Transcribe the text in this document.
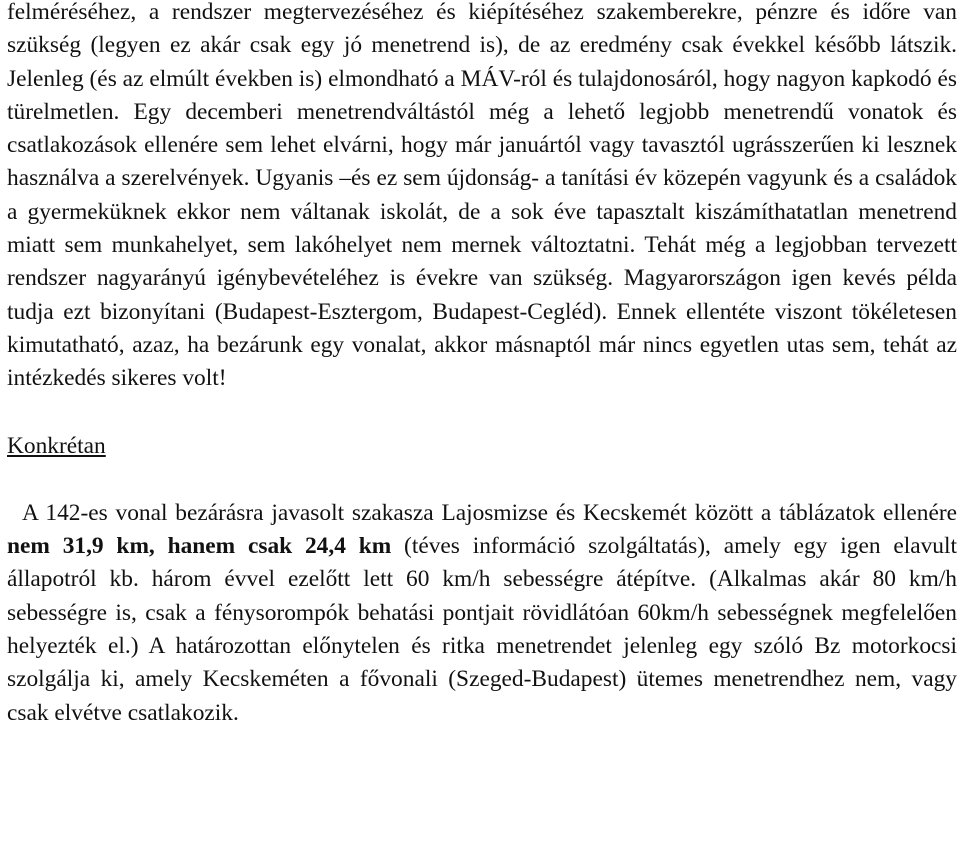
felméréséhez, a rendszer megtervezéséhez és kiépítéséhez szakemberekre, pénzre és időre van szükség (legyen ez akár csak egy jó menetrend is), de az eredmény csak évekkel később látszik. Jelenleg (és az elmúlt években is) elmondható a MÁV-ról és tulajdonosáról, hogy nagyon kapkodó és türelmetlen. Egy decemberi menetrendváltástól még a lehető legjobb menetrendű vonatok és csatlakozások ellenére sem lehet elvárni, hogy már januártól vagy tavasztól ugrásszerűen ki lesznek használva a szerelvények. Ugyanis –és ez sem újdonság- a tanítási év közepén vagyunk és a családok a gyermeküknek ekkor nem váltanak iskolát, de a sok éve tapasztalt kiszámíthatatlan menetrend miatt sem munkahelyet, sem lakóhelyet nem mernek változtatni. Tehát még a legjobban tervezett rendszer nagyarányú igénybevételéhez is évekre van szükség. Magyarországon igen kevés példa tudja ezt bizonyítani (Budapest-Esztergom, Budapest-Cegléd). Ennek ellentéte viszont tökéletesen kimutatható, azaz, ha bezárunk egy vonalat, akkor másnaptól már nincs egyetlen utas sem, tehát az intézkedés sikeres volt!

Konkrétan

A 142-es vonal bezárásra javasolt szakasza Lajosmizse és Kecskemét között a táblázatok ellenére nem 31,9 km, hanem csak 24,4 km (téves információ szolgáltatás), amely egy igen elavult állapotról kb. három évvel ezelőtt lett 60 km/h sebességre átépítve. (Alkalmas akár 80 km/h sebességre is, csak a fénysorompók behatási pontjait rövidlátóan 60km/h sebességnek megfelelően helyezték el.) A határozottan előnytelen és ritka menetrendet jelenleg egy szóló Bz motorkocsi szolgálja ki, amely Kecskeméten a fővonali (Szeged-Budapest) ütemes menetrendhez nem, vagy csak elvétve csatlakozik.
